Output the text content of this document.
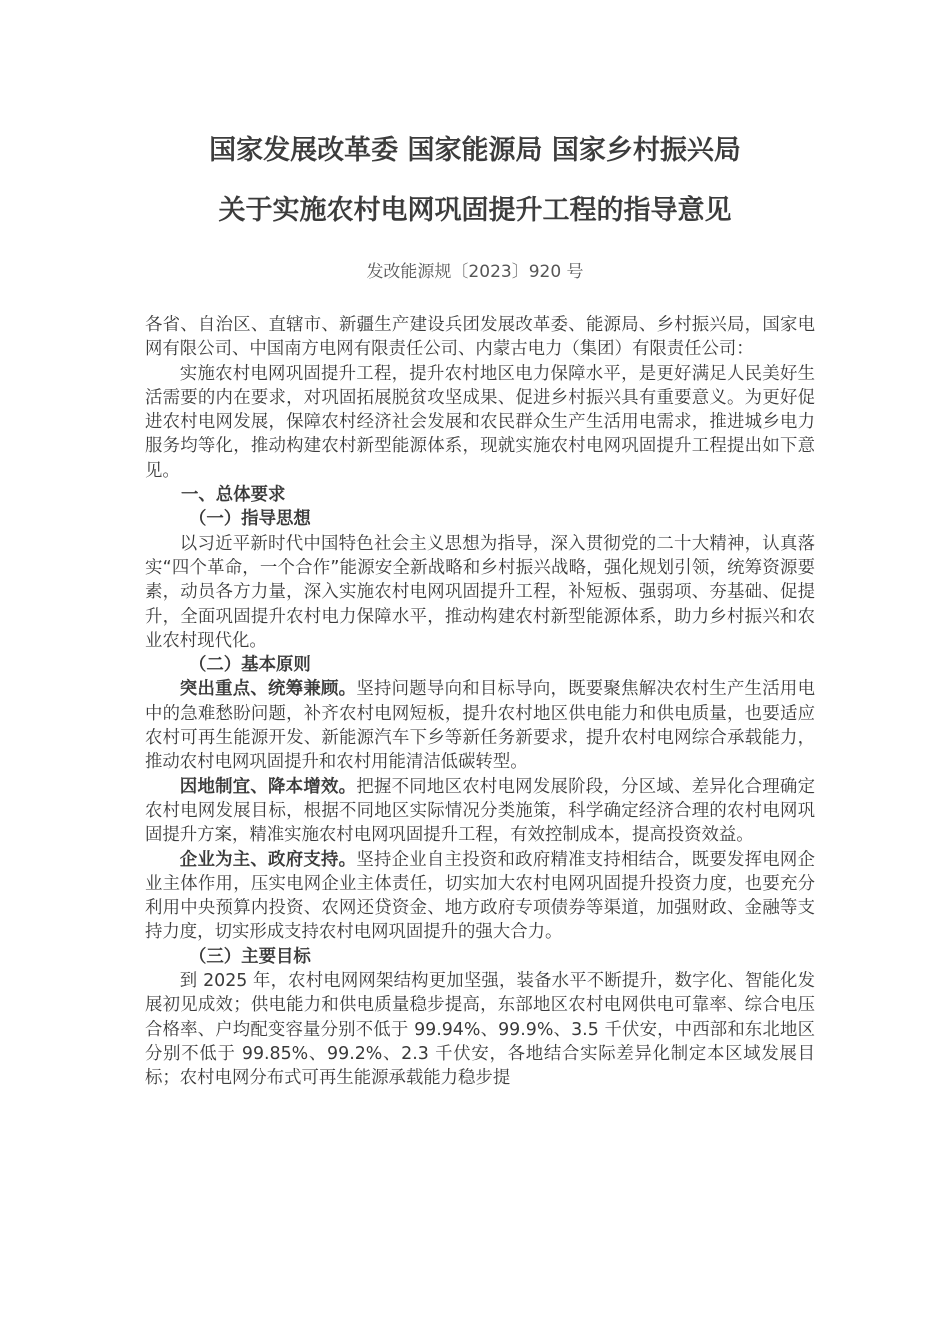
国家发展改革委 国家能源局 国家乡村振兴局
关于实施农村电网巩固提升工程的指导意见
发改能源规〔2023〕920 号

各省、自治区、直辖市、新疆生产建设兵团发展改革委、能源局、乡村振兴局，国家电网有限公司、中国南方电网有限责任公司、内蒙古电力（集团）有限责任公司：

实施农村电网巩固提升工程，提升农村地区电力保障水平，是更好满足人民美好生活需要的内在要求，对巩固拓展脱贫攻坚成果、促进乡村振兴具有重要意义。为更好促进农村电网发展，保障农村经济社会发展和农民群众生产生活用电需求，推进城乡电力服务均等化，推动构建农村新型能源体系，现就实施农村电网巩固提升工程提出如下意见。

一、总体要求

（一）指导思想

以习近平新时代中国特色社会主义思想为指导，深入贯彻党的二十大精神，认真落实“四个革命，一个合作”能源安全新战略和乡村振兴战略，强化规划引领，统筹资源要素，动员各方力量，深入实施农村电网巩固提升工程，补短板、强弱项、夯基础、促提升，全面巩固提升农村电力保障水平，推动构建农村新型能源体系，助力乡村振兴和农业农村现代化。

（二）基本原则

突出重点、统筹兼顾。坚持问题导向和目标导向，既要聚焦解决农村生产生活用电中的急难愁盼问题，补齐农村电网短板，提升农村地区供电能力和供电质量，也要适应农村可再生能源开发、新能源汽车下乡等新任务新要求，提升农村电网综合承载能力，推动农村电网巩固提升和农村用能清洁低碳转型。

因地制宜、降本增效。把握不同地区农村电网发展阶段，分区域、差异化合理确定农村电网发展目标，根据不同地区实际情况分类施策，科学确定经济合理的农村电网巩固提升方案，精准实施农村电网巩固提升工程，有效控制成本，提高投资效益。

企业为主、政府支持。坚持企业自主投资和政府精准支持相结合，既要发挥电网企业主体作用，压实电网企业主体责任，切实加大农村电网巩固提升投资力度，也要充分利用中央预算内投资、农网还贷资金、地方政府专项债券等渠道，加强财政、金融等支持力度，切实形成支持农村电网巩固提升的强大合力。

（三）主要目标

到 2025 年，农村电网网架结构更加坚强，装备水平不断提升，数字化、智能化发展初见成效；供电能力和供电质量稳步提高，东部地区农村电网供电可靠率、综合电压合格率、户均配变容量分别不低于 99.94%、99.9%、3.5 千伏安，中西部和东北地区分别不低于 99.85%、99.2%、2.3 千伏安，各地结合实际差异化制定本区域发展目标；农村电网分布式可再生能源承载能力稳步提
